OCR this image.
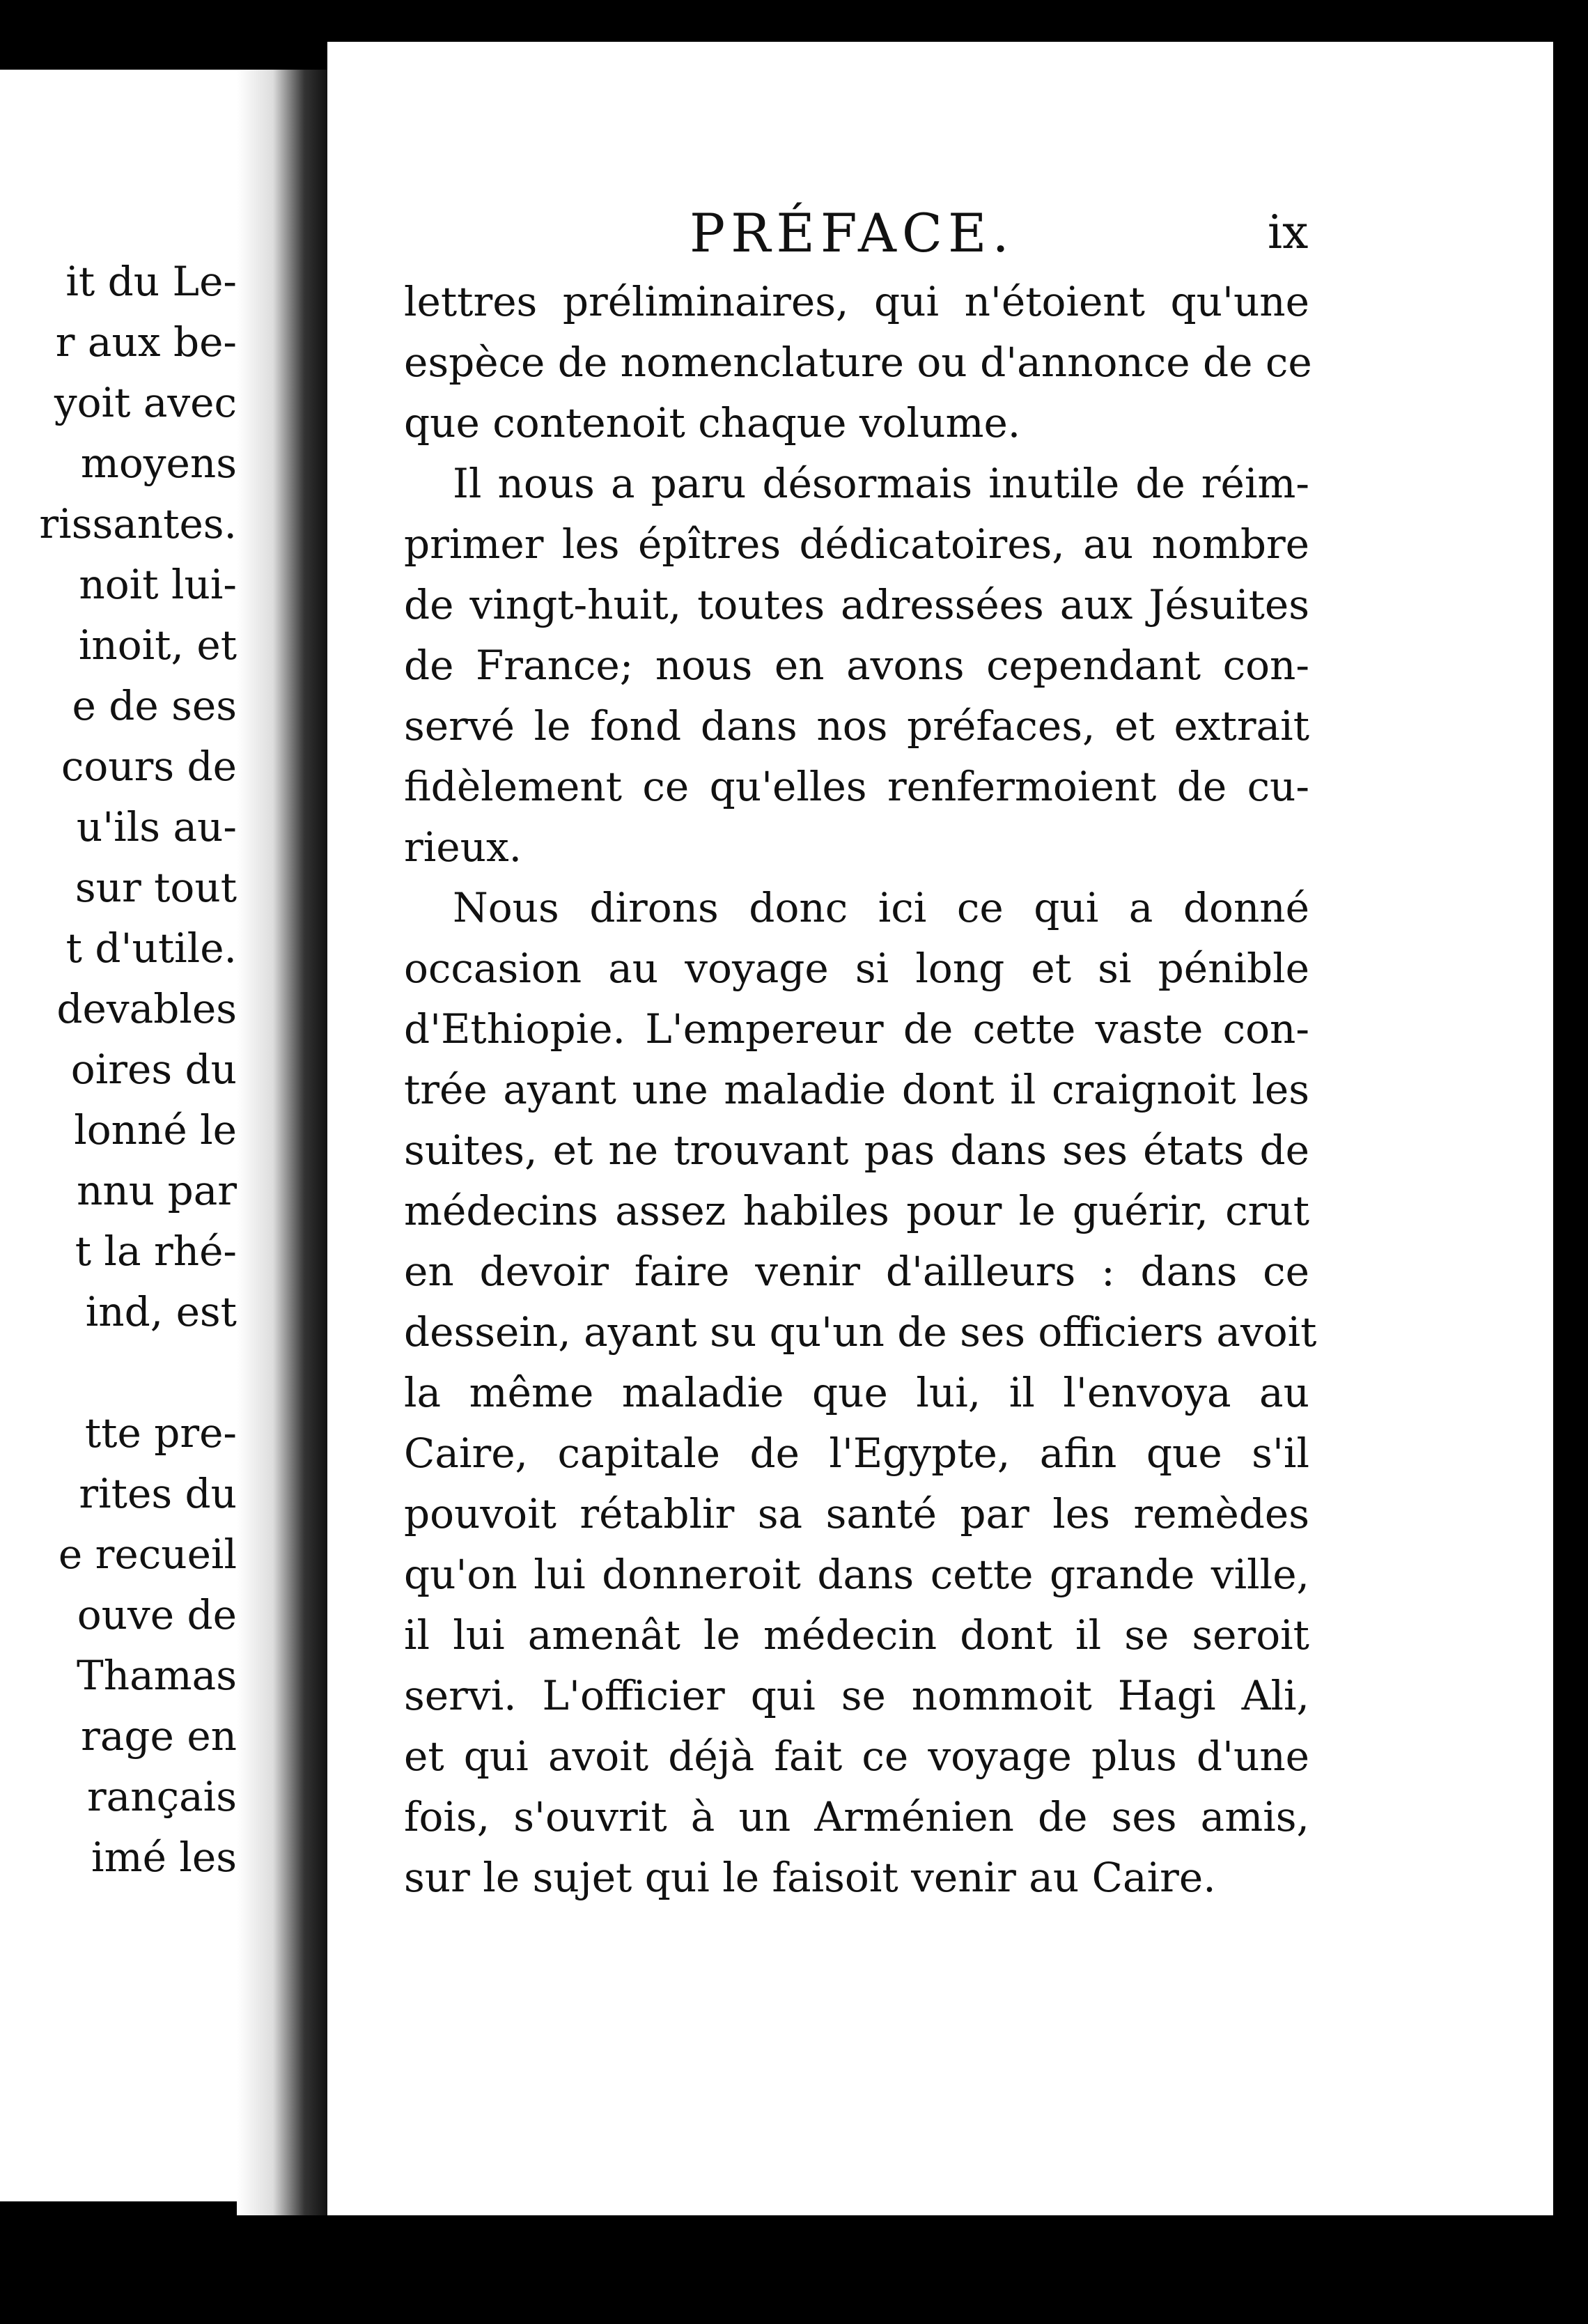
it du Le-
r aux be-
yoit avec
moyens
rissantes.
noit lui-
inoit, et
e de ses
cours de
u'ils au-
sur tout
t d'utile.
devables
oires du
lonné le
nnu par
t la rhé-
ind, est
tte pre-
rites du
e recueil
ouve de
Thamas
rage en
rançais
imé les
PRÉFACE.	ix
lettres préliminaires, qui n'étoient qu'une
espèce de nomenclature ou d'annonce de ce
que contenoit chaque volume.
Il nous a paru désormais inutile de réim-
primer les épîtres dédicatoires, au nombre
de vingt-huit, toutes adressées aux Jésuites
de France; nous en avons cependant con-
servé le fond dans nos préfaces, et extrait
fidèlement ce qu'elles renfermoient de cu-
rieux.
Nous dirons donc ici ce qui a donné
occasion au voyage si long et si pénible
d'Ethiopie. L'empereur de cette vaste con-
trée ayant une maladie dont il craignoit les
suites, et ne trouvant pas dans ses états de
médecins assez habiles pour le guérir, crut
en devoir faire venir d'ailleurs : dans ce
dessein, ayant su qu'un de ses officiers avoit
la même maladie que lui, il l'envoya au
Caire, capitale de l'Egypte, afin que s'il
pouvoit rétablir sa santé par les remèdes
qu'on lui donneroit dans cette grande ville,
il lui amenât le médecin dont il se seroit
servi. L'officier qui se nommoit Hagi Ali,
et qui avoit déjà fait ce voyage plus d'une
fois, s'ouvrit à un Arménien de ses amis,
sur le sujet qui le faisoit venir au Caire.
